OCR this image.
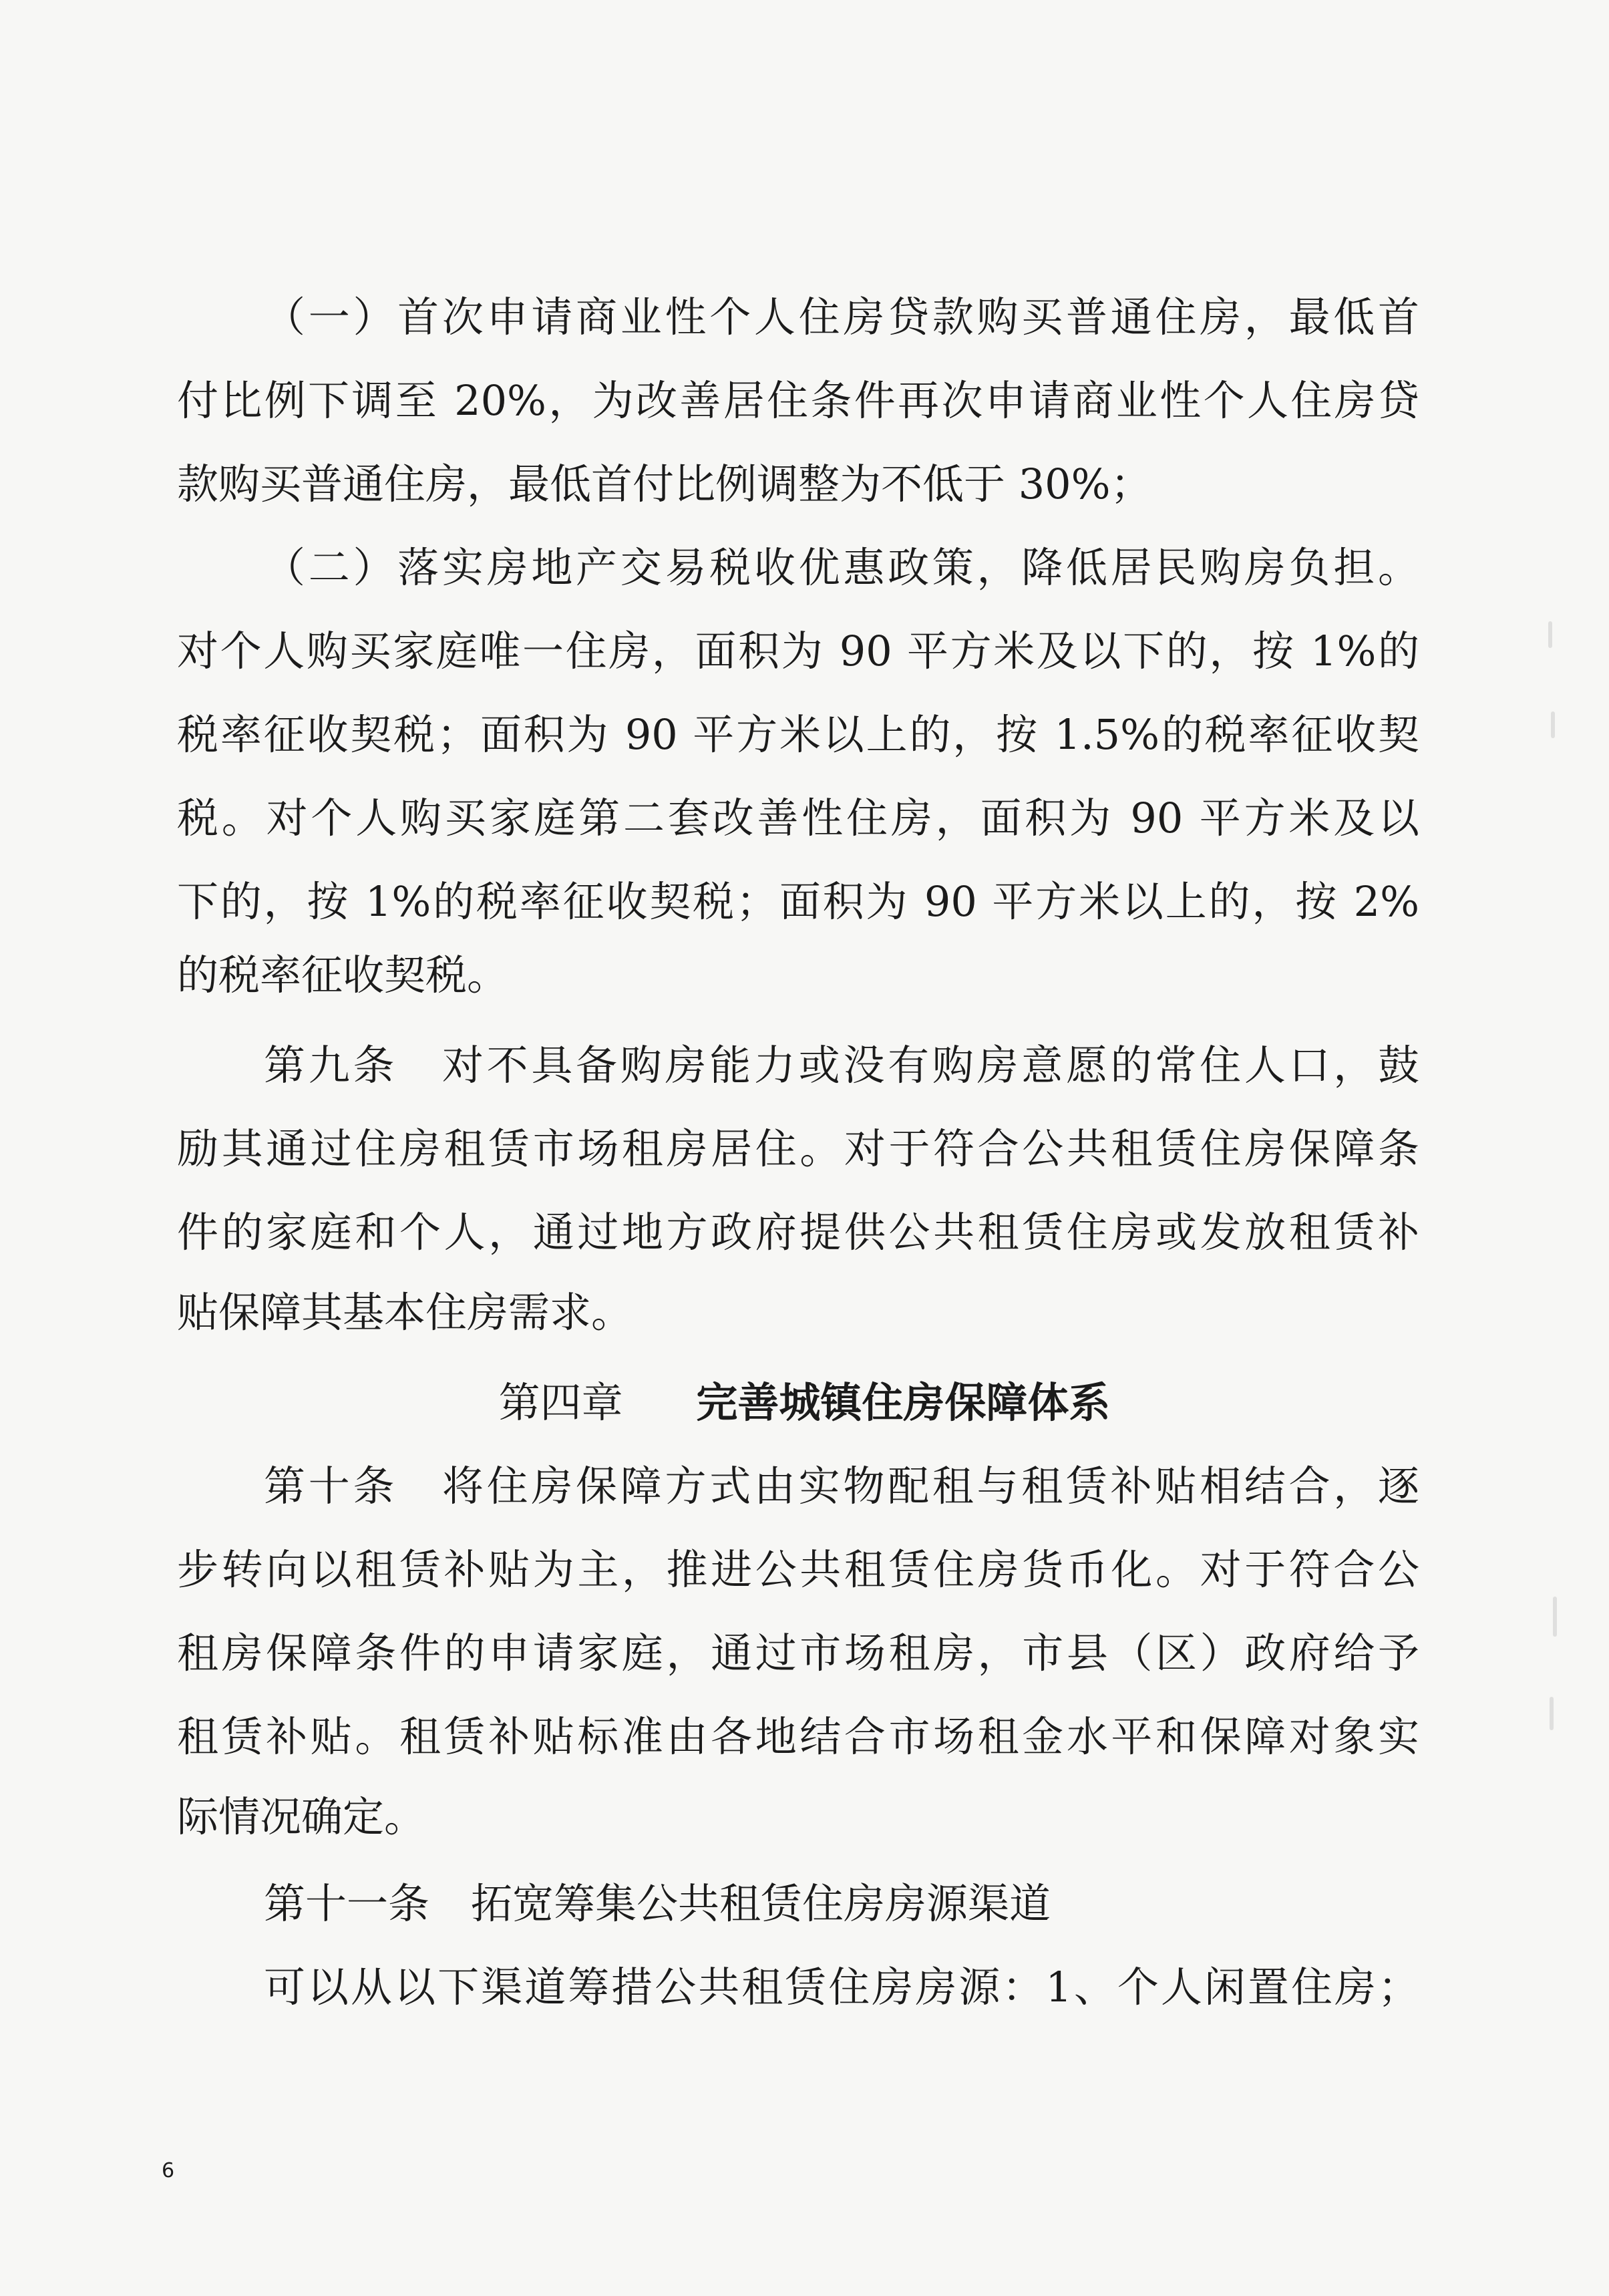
（一）首次申请商业性个人住房贷款购买普通住房，最低首
付比例下调至 20%，为改善居住条件再次申请商业性个人住房贷
款购买普通住房，最低首付比例调整为不低于 30%；
（二）落实房地产交易税收优惠政策，降低居民购房负担。
对个人购买家庭唯一住房，面积为 90 平方米及以下的，按 1%的
税率征收契税；面积为 90 平方米以上的，按 1.5%的税率征收契
税。对个人购买家庭第二套改善性住房，面积为 90 平方米及以
下的，按 1%的税率征收契税；面积为 90 平方米以上的，按 2%
的税率征收契税。
第九条　对不具备购房能力或没有购房意愿的常住人口，鼓
励其通过住房租赁市场租房居住。对于符合公共租赁住房保障条
件的家庭和个人，通过地方政府提供公共租赁住房或发放租赁补
贴保障其基本住房需求。
第四章 完善城镇住房保障体系
第十条　将住房保障方式由实物配租与租赁补贴相结合，逐
步转向以租赁补贴为主，推进公共租赁住房货币化。对于符合公
租房保障条件的申请家庭，通过市场租房，市县（区）政府给予
租赁补贴。租赁补贴标准由各地结合市场租金水平和保障对象实
际情况确定。
第十一条　拓宽筹集公共租赁住房房源渠道
可以从以下渠道筹措公共租赁住房房源：1、个人闲置住房；
6
